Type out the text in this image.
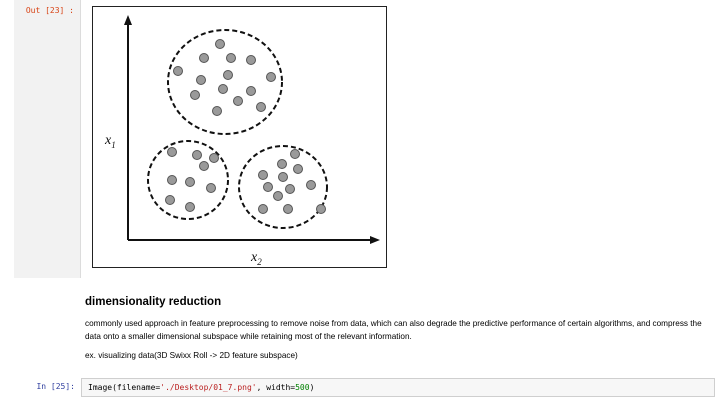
Out [23] :
$x_1$
$x_2$
dimensionality reduction

commonly used approach in feature preprocessing to remove noise from data, which can also degrade the predictive performance of certain algorithms, and compress the data onto a smaller dimensional subspace while retaining most of the relevant information.

ex. visualizing data(3D Swixx Roll -> 2D feature subspace)

In [25]:	Image(filename='./Desktop/01_7.png', width=500)
